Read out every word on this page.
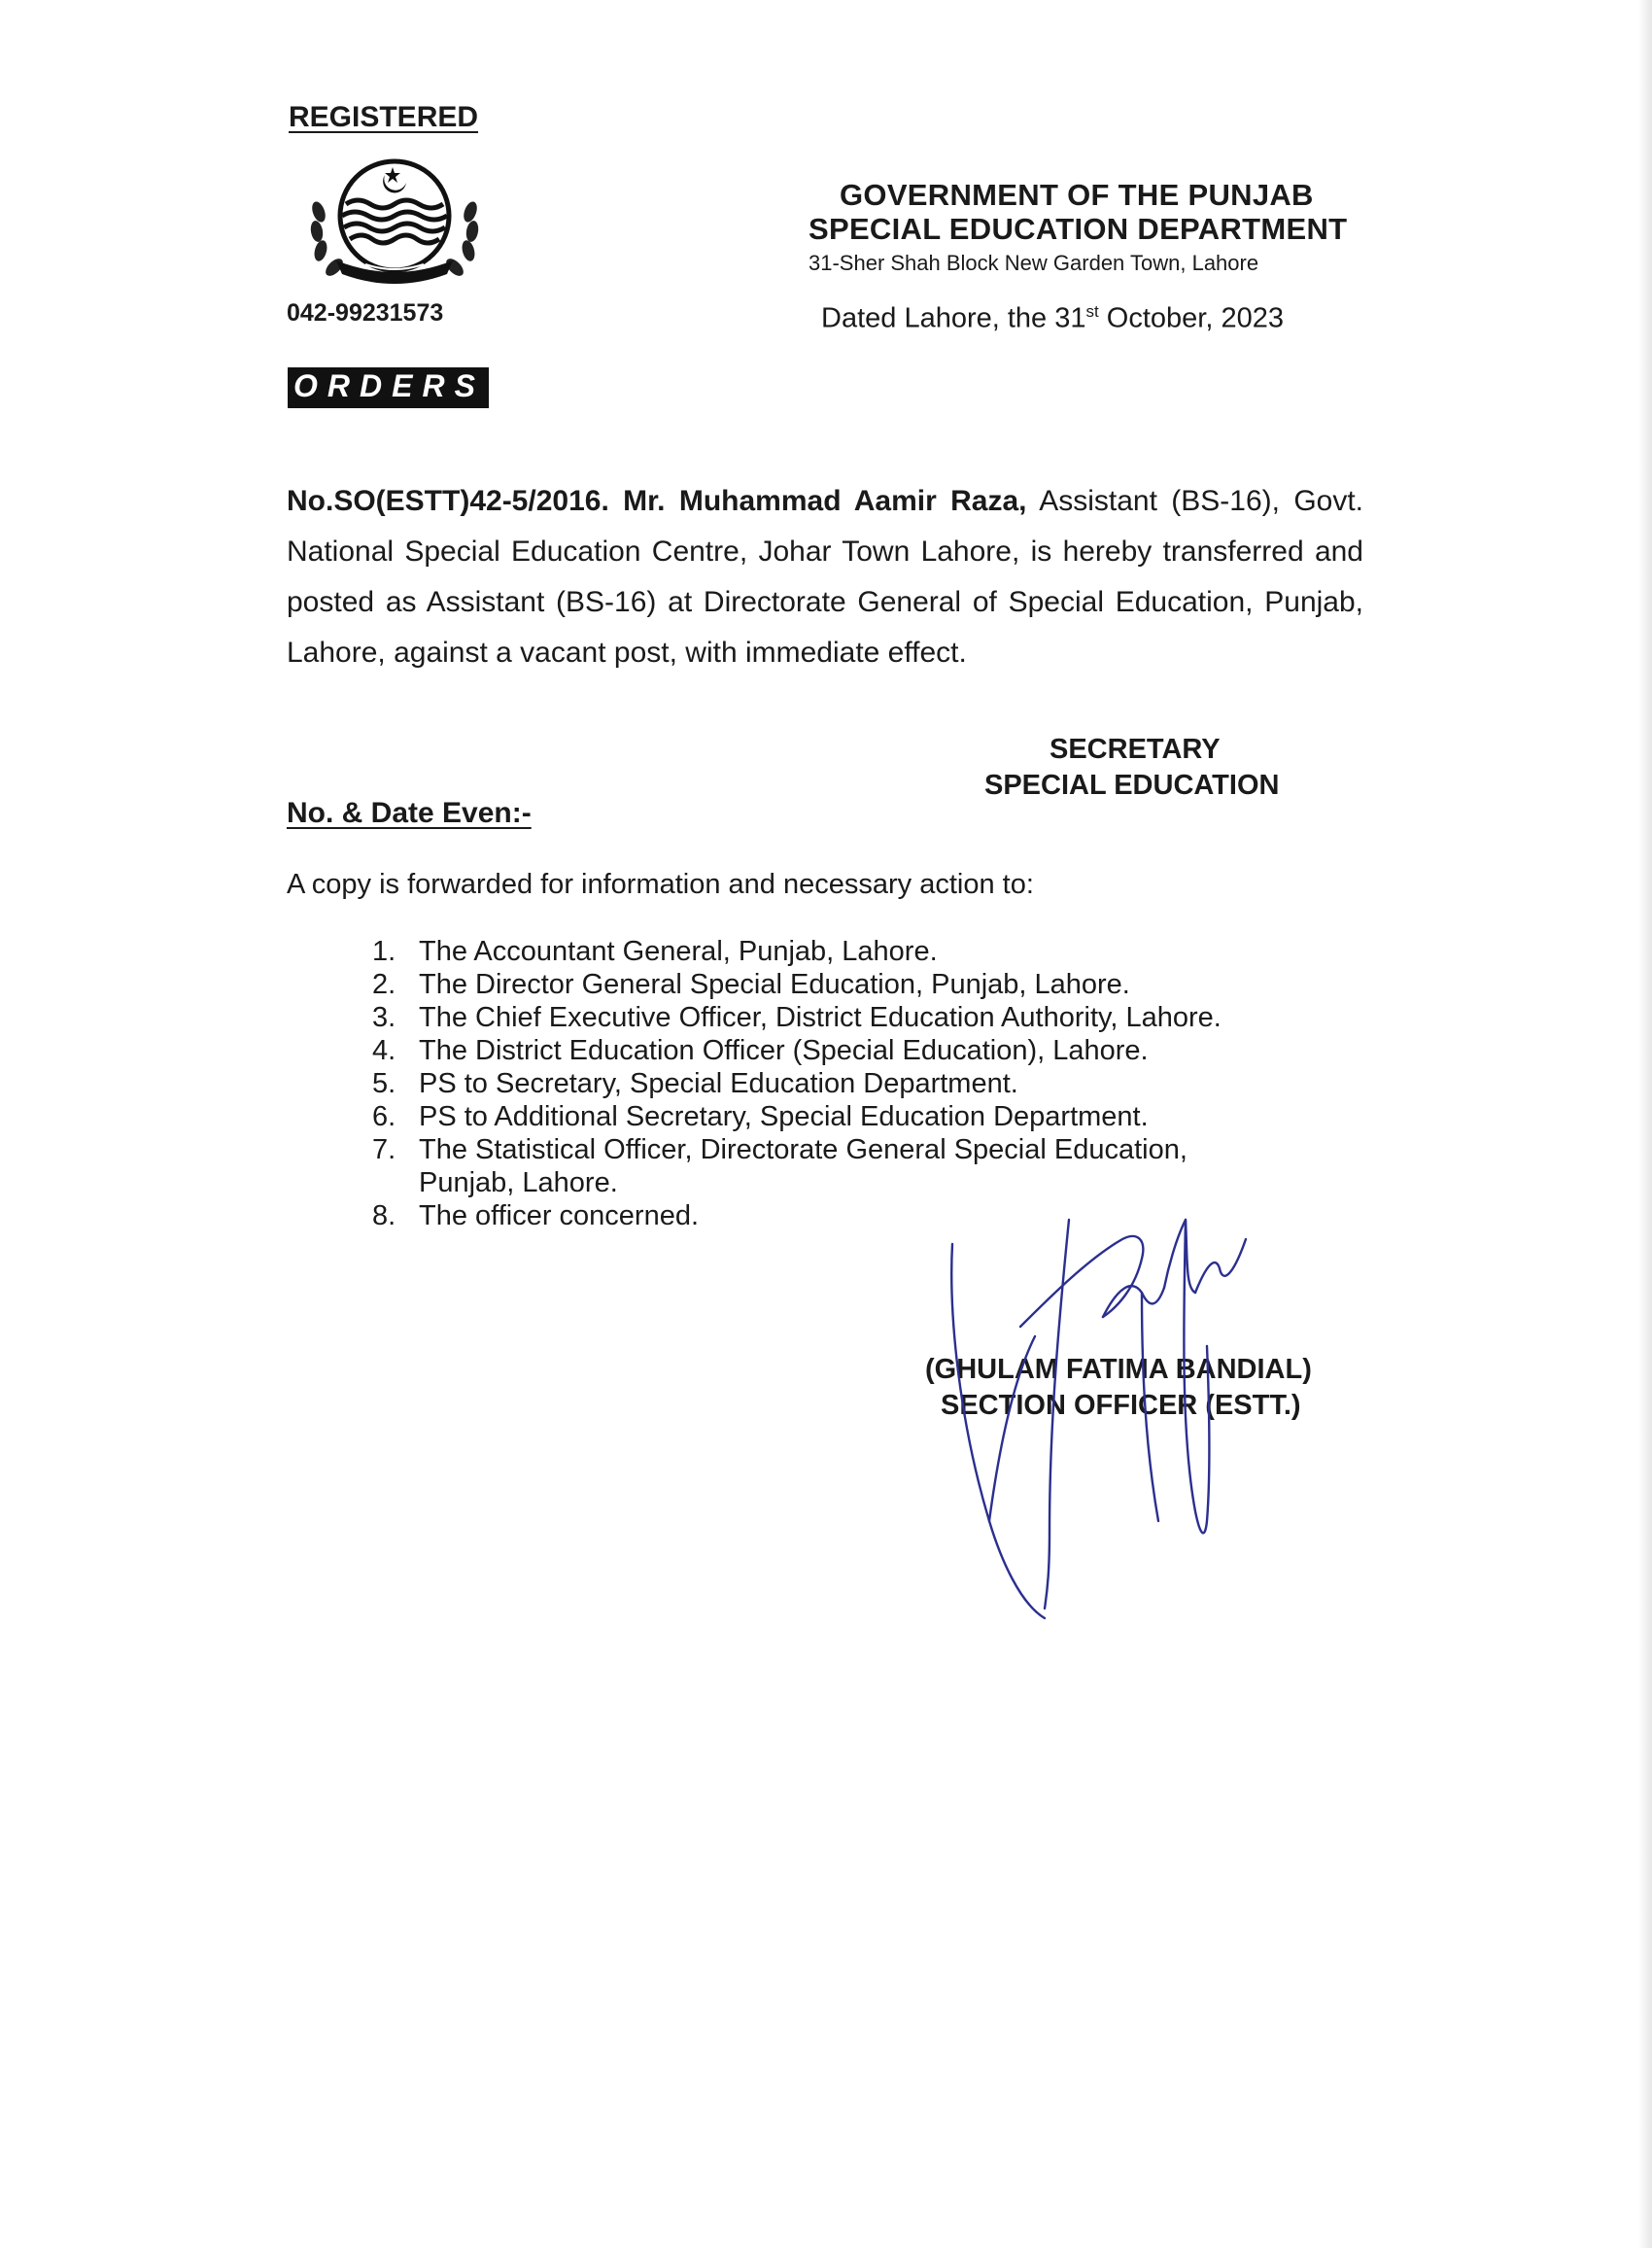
REGISTERED

042-99231573

ORDERS

GOVERNMENT OF THE PUNJAB

SPECIAL EDUCATION DEPARTMENT

31-Sher Shah Block New Garden Town, Lahore

Dated Lahore, the 31st October, 2023

No.SO(ESTT)42-5/2016. Mr. Muhammad Aamir Raza, Assistant (BS-16), Govt. National Special Education Centre, Johar Town Lahore, is hereby transferred and posted as Assistant (BS-16) at Directorate General of Special Education, Punjab, Lahore, against a vacant post, with immediate effect.

SECRETARY

SPECIAL EDUCATION

No. & Date Even:-

A copy is forwarded for information and necessary action to:

1. The Accountant General, Punjab, Lahore.
2. The Director General Special Education, Punjab, Lahore.
3. The Chief Executive Officer, District Education Authority, Lahore.
4. The District Education Officer (Special Education), Lahore.
5. PS to Secretary, Special Education Department.
6. PS to Additional Secretary, Special Education Department.
7. The Statistical Officer, Directorate General Special Education, Punjab, Lahore.
8. The officer concerned.

(GHULAM FATIMA BANDIAL)

SECTION OFFICER (ESTT.)
